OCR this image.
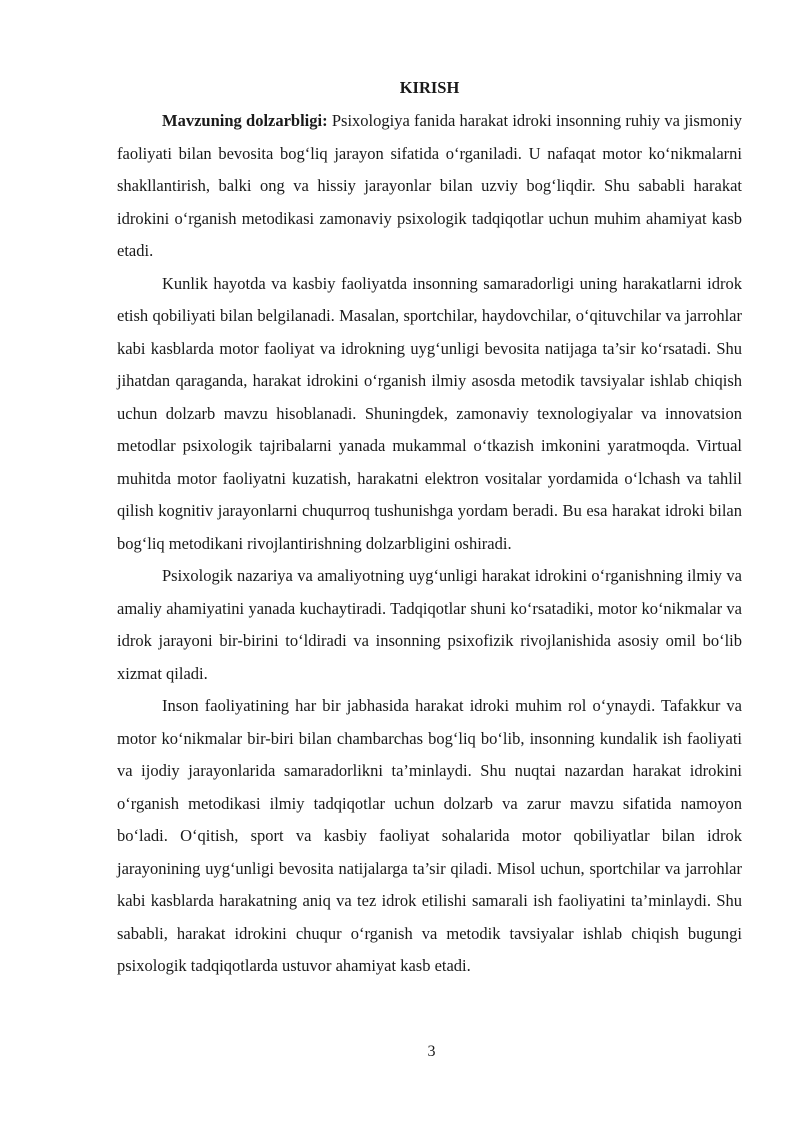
KIRISH

Mavzuning dolzarbligi: Psixologiya fanida harakat idroki insonning ruhiy va jismoniy faoliyati bilan bevosita bog‘liq jarayon sifatida o‘rganiladi. U nafaqat motor ko‘nikmalarni shakllantirish, balki ong va hissiy jarayonlar bilan uzviy bog‘liqdir. Shu sababli harakat idrokini o‘rganish metodikasi zamonaviy psixologik tadqiqotlar uchun muhim ahamiyat kasb etadi.

Kunlik hayotda va kasbiy faoliyatda insonning samaradorligi uning harakatlarni idrok etish qobiliyati bilan belgilanadi. Masalan, sportchilar, haydovchilar, o‘qituvchilar va jarrohlar kabi kasblarda motor faoliyat va idrokning uyg‘unligi bevosita natijaga ta’sir ko‘rsatadi. Shu jihatdan qaraganda, harakat idrokini o‘rganish ilmiy asosda metodik tavsiyalar ishlab chiqish uchun dolzarb mavzu hisoblanadi. Shuningdek, zamonaviy texnologiyalar va innovatsion metodlar psixologik tajribalarni yanada mukammal o‘tkazish imkonini yaratmoqda. Virtual muhitda motor faoliyatni kuzatish, harakatni elektron vositalar yordamida o‘lchash va tahlil qilish kognitiv jarayonlarni chuqurroq tushunishga yordam beradi. Bu esa harakat idroki bilan bog‘liq metodikani rivojlantirishning dolzarbligini oshiradi.

Psixologik nazariya va amaliyotning uyg‘unligi harakat idrokini o‘rganishning ilmiy va amaliy ahamiyatini yanada kuchaytiradi. Tadqiqotlar shuni ko‘rsatadiki, motor ko‘nikmalar va idrok jarayoni bir-birini to‘ldiradi va insonning psixofizik rivojlanishida asosiy omil bo‘lib xizmat qiladi.

Inson faoliyatining har bir jabhasida harakat idroki muhim rol o‘ynaydi. Tafakkur va motor ko‘nikmalar bir-biri bilan chambarchas bog‘liq bo‘lib, insonning kundalik ish faoliyati va ijodiy jarayonlarida samaradorlikni ta’minlaydi. Shu nuqtai nazardan harakat idrokini o‘rganish metodikasi ilmiy tadqiqotlar uchun dolzarb va zarur mavzu sifatida namoyon bo‘ladi. O‘qitish, sport va kasbiy faoliyat sohalarida motor qobiliyatlar bilan idrok jarayonining uyg‘unligi bevosita natijalarga ta’sir qiladi. Misol uchun, sportchilar va jarrohlar kabi kasblarda harakatning aniq va tez idrok etilishi samarali ish faoliyatini ta’minlaydi. Shu sababli, harakat idrokini chuqur o‘rganish va metodik tavsiyalar ishlab chiqish bugungi psixologik tadqiqotlarda ustuvor ahamiyat kasb etadi.

3
